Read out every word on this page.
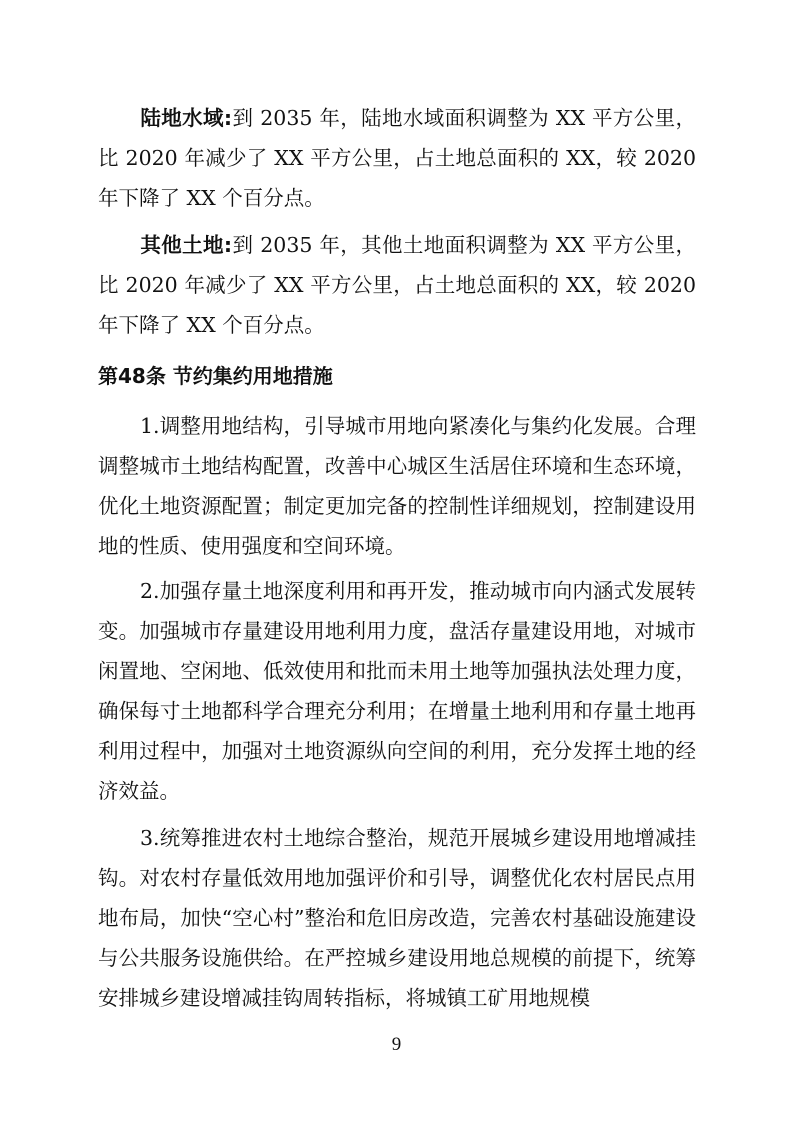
陆地水域:到 2035 年，陆地水域面积调整为 XX 平方公里，比 2020 年减少了 XX 平方公里，占土地总面积的 XX，较 2020 年下降了 XX 个百分点。

其他土地:到 2035 年，其他土地面积调整为 XX 平方公里，比 2020 年减少了 XX 平方公里，占土地总面积的 XX，较 2020 年下降了 XX 个百分点。

第48条 节约集约用地措施

1.调整用地结构，引导城市用地向紧凑化与集约化发展。合理调整城市土地结构配置，改善中心城区生活居住环境和生态环境，优化土地资源配置；制定更加完备的控制性详细规划，控制建设用地的性质、使用强度和空间环境。

2.加强存量土地深度利用和再开发，推动城市向内涵式发展转变。加强城市存量建设用地利用力度，盘活存量建设用地，对城市闲置地、空闲地、低效使用和批而未用土地等加强执法处理力度，确保每寸土地都科学合理充分利用；在增量土地利用和存量土地再利用过程中，加强对土地资源纵向空间的利用，充分发挥土地的经济效益。

3.统筹推进农村土地综合整治，规范开展城乡建设用地增减挂钩。对农村存量低效用地加强评价和引导，调整优化农村居民点用地布局，加快“空心村”整治和危旧房改造，完善农村基础设施建设与公共服务设施供给。在严控城乡建设用地总规模的前提下，统筹安排城乡建设增减挂钩周转指标，将城镇工矿用地规模

9
